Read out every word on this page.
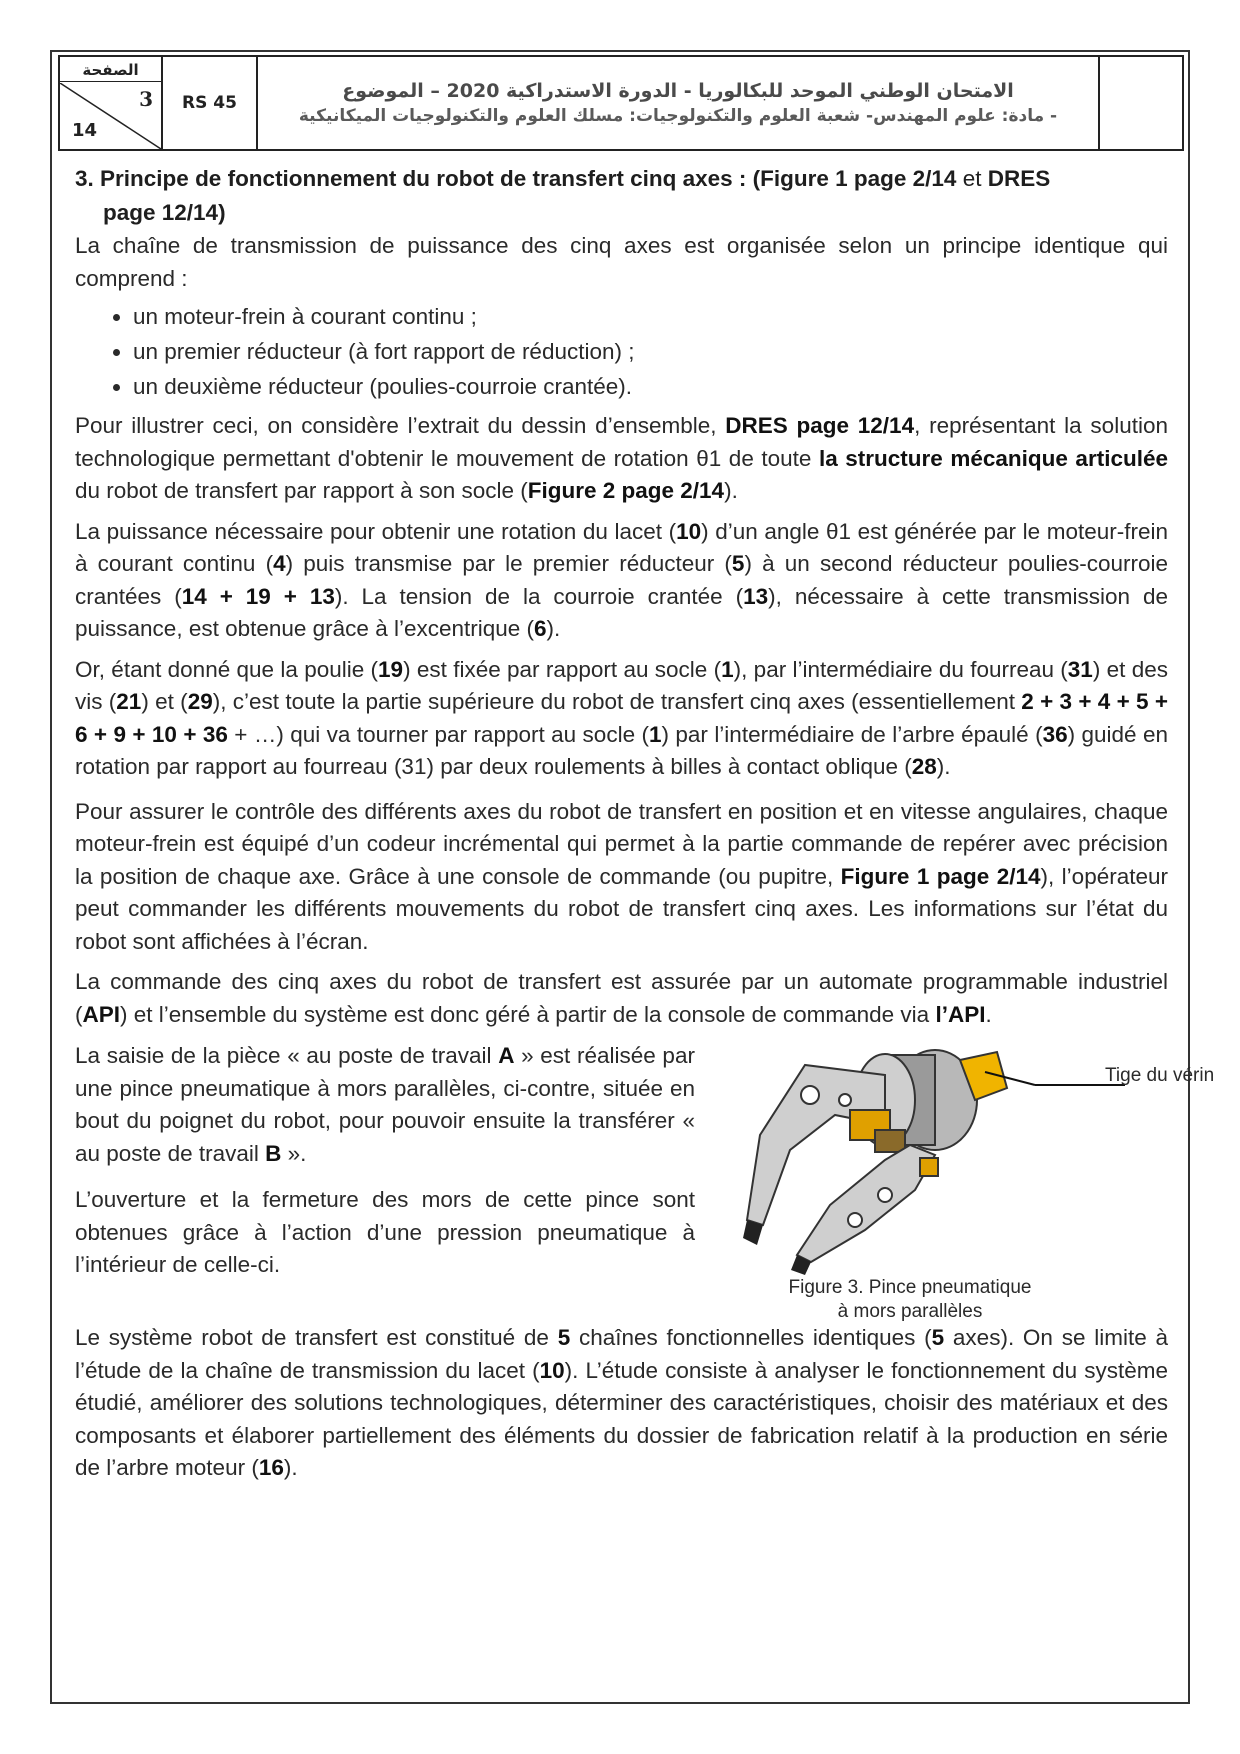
الصفحة
3
14
RS 45
الامتحان الوطني الموحد للبكالوريا - الدورة الاستدراكية 2020 – الموضوع
- مادة: علوم المهندس- شعبة العلوم والتكنولوجيات: مسلك العلوم والتكنولوجيات الميكانيكية
3. Principe de fonctionnement du robot de transfert cinq axes : (Figure 1 page 2/14 et DRES
page 12/14)

La chaîne de transmission de puissance des cinq axes est organisée selon un principe identique qui comprend :

• un moteur-frein à courant continu ;
• un premier réducteur (à fort rapport de réduction) ;
• un deuxième réducteur (poulies-courroie crantée).

Pour illustrer ceci, on considère l’extrait du dessin d’ensemble, DRES page 12/14, représentant la solution technologique permettant d'obtenir le mouvement de rotation θ1 de toute la structure mécanique articulée du robot de transfert par rapport à son socle (Figure 2 page 2/14).

La puissance nécessaire pour obtenir une rotation du lacet (10) d’un angle θ1 est générée par le moteur-frein à courant continu (4) puis transmise par le premier réducteur (5) à un second réducteur poulies-courroie crantées (14 + 19 + 13). La tension de la courroie crantée (13), nécessaire à cette transmission de puissance, est obtenue grâce à l’excentrique (6).

Or, étant donné que la poulie (19) est fixée par rapport au socle (1), par l’intermédiaire du fourreau (31) et des vis (21) et (29), c’est toute la partie supérieure du robot de transfert cinq axes (essentiellement 2 + 3 + 4 + 5 + 6 + 9 + 10 + 36 + …) qui va tourner par rapport au socle (1) par l’intermédiaire de l’arbre épaulé (36) guidé en rotation par rapport au fourreau (31) par deux roulements à billes à contact oblique (28).

Pour assurer le contrôle des différents axes du robot de transfert en position et en vitesse angulaires, chaque moteur-frein est équipé d’un codeur incrémental qui permet à la partie commande de repérer avec précision la position de chaque axe. Grâce à une console de commande (ou pupitre, Figure 1 page 2/14), l’opérateur peut commander les différents mouvements du robot de transfert cinq axes. Les informations sur l’état du robot sont affichées à l’écran.

La commande des cinq axes du robot de transfert est assurée par un automate programmable industriel (API) et l’ensemble du système est donc géré à partir de la console de commande via l’API.

La saisie de la pièce « au poste de travail A » est réalisée par une pince pneumatique à mors parallèles, ci-contre, située en bout du poignet du robot, pour pouvoir ensuite la transférer « au poste de travail B ».

L’ouverture et la fermeture des mors de cette pince sont obtenues grâce à l’action d’une pression pneumatique à l’intérieur de celle-ci.

Tige du vérin
Figure 3. Pince pneumatique
à mors parallèles

Le système robot de transfert est constitué de 5 chaînes fonctionnelles identiques (5 axes). On se limite à l’étude de la chaîne de transmission du lacet (10). L’étude consiste à analyser le fonctionnement du système étudié, améliorer des solutions technologiques, déterminer des caractéristiques, choisir des matériaux et des composants et élaborer partiellement des éléments du dossier de fabrication relatif à la production en série de l’arbre moteur (16).
